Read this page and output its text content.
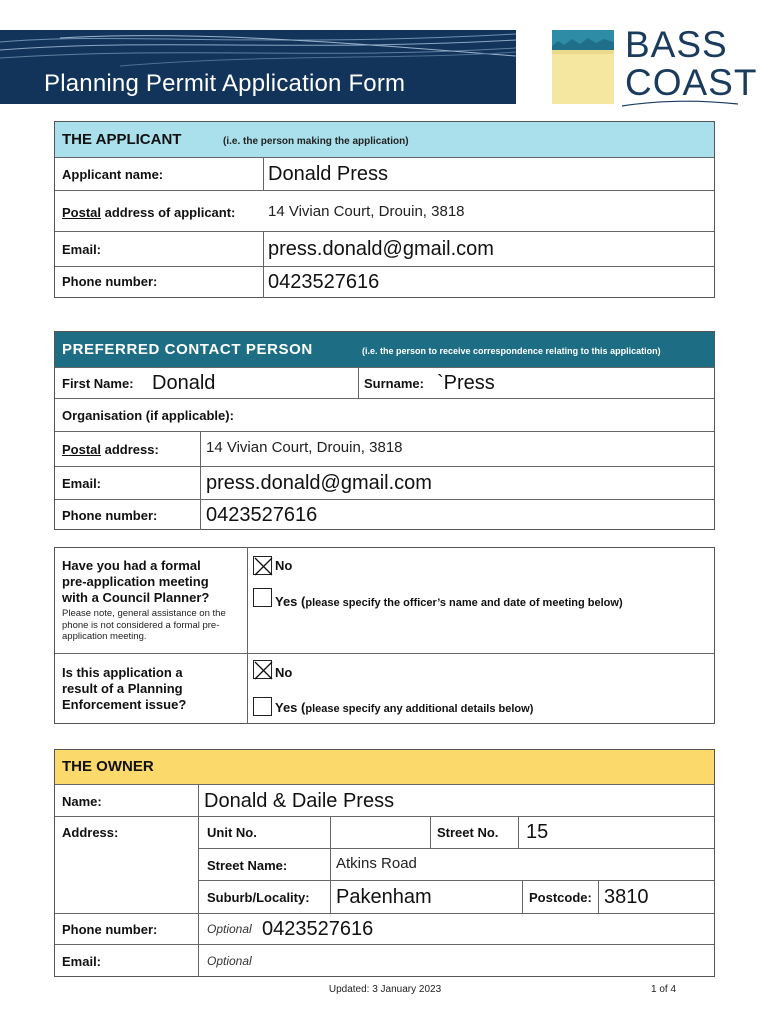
Planning Permit Application Form
BASS
COAST
THE APPLICANT	(i.e. the person making the application)
Applicant name:	Donald Press
Postal address of applicant: 14 Vivian Court, Drouin, 3818
Email:	press.donald@gmail.com
Phone number:	0423527616
PREFERRED CONTACT PERSON	(i.e. the person to receive correspondence relating to this application)
First Name: Donald	Surname: `Press
Organisation (if applicable):
Postal address:	14 Vivian Court, Drouin, 3818
Email:	press.donald@gmail.com
Phone number: 0423527616
Have you had a formal
pre-application meeting
with a Council Planner?
Please note, general assistance on the phone is not considered a formal pre-application meeting.
No
Yes (please specify the officer’s name and date of meeting below)
Is this application a
result of a Planning
Enforcement issue?
No
Yes (please specify any additional details below)
THE OWNER
Name:	Donald & Daile Press
Address:	Unit No.	Street No. 15
Street Name:	Atkins Road
Suburb/Locality: Pakenham	Postcode: 3810
Phone number:	Optional 0423527616
Email:	Optional
Updated: 3 January 2023	1 of 4
